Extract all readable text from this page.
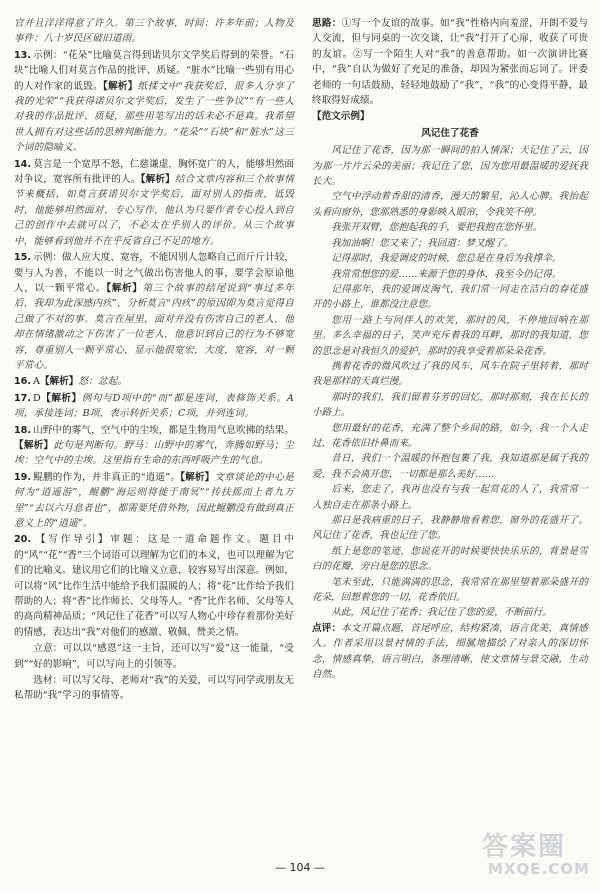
官并且洋洋得意了许久。第三个故事，时间：许多年前；人物及事件：八十岁民区破旧道雨。
13. 示例：“花朵”比喻莫言得到诺贝尔文学奖后得到的荣誉。“石块”比喻人们对莫言作品的批评、质疑。“脏水”比喻一些别有用心的人对作家的诋毁。【解析】纸揉文中“我获奖后，很多人分享了我的光荣”“我获得诺贝尔文学奖后，发生了一些争议”“有一些人对我的作品批评、质疑，那些用笔写出的话未必不是真。我希望世人拥有对这些话的思辨判断能力。“花朵”“石块”和“脏水”这三个词的隐喻义。
14. 莫言是一个宽厚不怒，仁慈谦虚，胸怀宽广的人，能够坦然面对争议，宽容所有批评的人。【解析】结合文章内容和三个故事情节来概括，如莫言获诺贝尔文学奖后，面对别人的指责，诋毁时，他能够坦然面对，专心写作，他认为只要作者专心投入到自己的创作中去就可以了，不必太在乎别人的评价。从三个故事中，能够看到他并不在乎反省自己不足的地方。
15. 示例：做人应大度、宽容，不能因别人忽略自己而斤斤计较，要与人为善，不能以一时之气做出伤害他人的事，要学会原谅他人，以一颗平常心。【解析】第三个故事的结尾说到“事过多年后，我却为此深感内疚”，分析莫言“内疚”的原因即为莫言觉得自己做了不对的事。莫言在屋里，面对并没有伤害自己的老人，他却在情绪激动之下伤害了一位老人，他意识到自己的行为不够宽容，尊重别人一颗平常心，显示他很宽宏，大度，宽容，对一颗平常心。
16. A【解析】怒：忿起。
17. D【解析】例句与D项中的“而”都是连词，表修饰关系。A项，承接连词；B项，表示转折关系；C项，并列连词。
18. 山野中的雾气，空气中的尘埃，都是生物用气息吹拂的结果。【解析】此句是判断句。野马：山野中的雾气，奔腾如野马；尘埃：空气中的尘埃。这里指有生命的东西呼吸产生的气息。
19. 鲲鹏的作为，并非真正的“逍遥”。【解析】文章谈论的中心是何为“逍遥游”，鲲鹏“海运则将徙于南冥”“抟扶摇而上者九万里”“去以六月息者也”，都需要凭借外物，因此鲲鹏没有做到真正意义上的“逍遥”。
20. 【写作导引】审题：这是一道命题作文。题目中的“风”“花”“香”三个词语可以理解为它们的本义，也可以理解为它们的比喻义。建议用它们的比喻义立意，较容易写出深意。例如，可以将“风”比作生活中能给予我们温暖的人；将“花”比作给予我们帮助的人；将“香”比作师长、父母等人。“香”比作名师、父母等人的高尚精神品质；“风记住了花香”可以写人物心中珍存着那份美好的情感，表达出“我”对他们的感激、敬佩、赞美之情。
立意：可以以“感恩”这一主旨，还可以写“爱”这一能量，“受到”“好的影响”，可以写向上的引领等。
选材：可以写父母、老师对“我”的关爱，可以写同学或朋友无私帮助“我”学习的事情等。
思路：①写一个友谊的故事。如“我”性格内向羞涩，开朗不爱与人交流，但与同桌的一次交谈，让“我”打开了心扉，收获了可贵的友谊。②写一个陌生人对“我”的善意帮助。如一次演讲比赛中，“我”自认为做好了充足的准备，却因为紧张而忘词了。评委老师的一句话鼓励，轻轻地鼓励了“我”，“我”的心变得平静，最终取得好成绩。
【范文示例】
风记住了花香
风记住了花香，因为那一瞬间的拍人情深；天记住了云，因为那一片片云朵的美丽；我记住了您，因为您用最温暖的爱抚我长大。
空气中浮动着香甜的清香，漫天的繁星，沁人心脾。我抬起头看向窗外，您那熟悉的身影映入眼帘，令我笑不停。
我张开双臂，您抱起我的手，要把我抱在您怀里。
我加油啊！您又来了；我回道：梦又醒了。
记得那时，我爱调皮的时候，您总是在身后为我撑伞。
我常常想您的爱……来源于您的身体，我至今仍记得。
记得那年，我的爱调皮淘气，我们常一同走在洁白的春花盛开的小路上，谁都没注意您。
您用一路上与同伴人的欢笑，那时的风，不停地回响在那里。多么幸福的日子，笑声充斥着我的耳畔，那时的我知道，您的思念是对我恒久的爱护，那时的我享受着那朵朵花香。
携着花香的微风吹过了我的风车，风车在院子里转着，那时我是那样的天真烂漫。
那时的我们，我们留着芬芳的回忆，那时那刻，我在长长的小路上。
您用最好的花香，充满了整个乡间的路，如今，我一个人走过，花香依旧扑鼻而来。
昔日，我们一个温暖的怀抱包裹了我，我知道那是属于我的爱，我不会离开您，一切都是那么美好……
后来，您走了，我再也没有与我一起赏花的人了，我常常一人独自走在那条小路上。
那日是我病重的日子，我静静地看着您，窗外的花盛开了。风记住了花香，我也记住了您。
纸上是您的笔迹，您说花开的时候要快快乐乐的，背景是雪白的花瓣，旁白是您的思念。
笔未至此，只能满满的思念，我常常在那里望着那朵盛开的花朵，回想着您的一切，花香依旧。
从此，风记住了花香；我记住了您的爱，不断前行。
点评：本文开篇点题，首尾呼应，结构紧凑，语言优美，真情感人。作者采用以景衬情的手法，细腻地描绘了对亲人的深切怀念，情感真挚，语言明白，条理清晰，使文章情与景交融，生动自然。
— 104 —
答案圈
MXQE.COM
